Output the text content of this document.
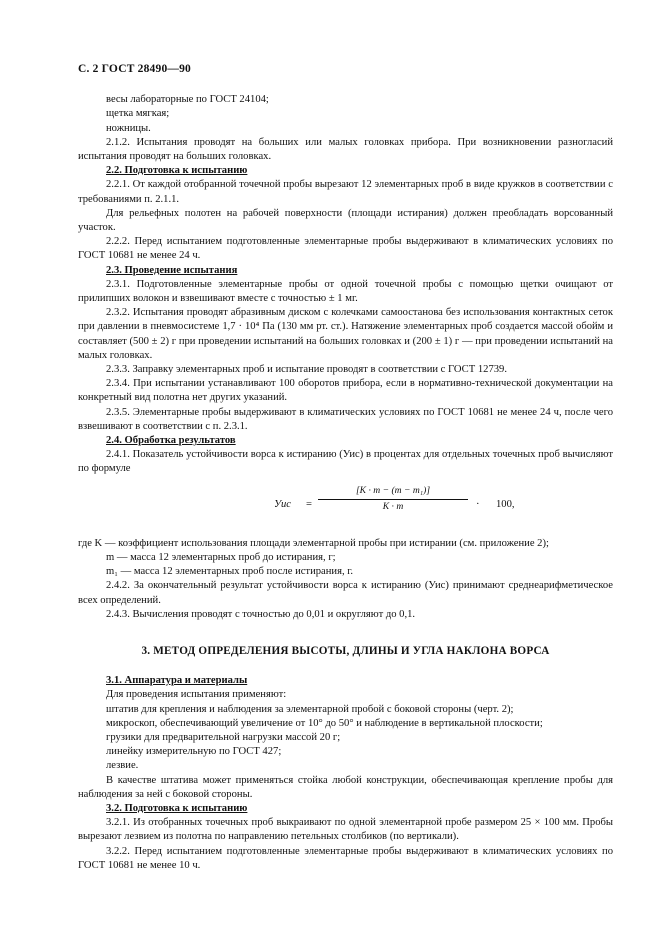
С. 2 ГОСТ 28490—90

весы лабораторные по ГОСТ 24104;

щетка мягкая;

ножницы.

2.1.2. Испытания проводят на больших или малых головках прибора. При возникновении разногласий испытания проводят на больших головках.

2.2. Подготовка к испытанию

2.2.1. От каждой отобранной точечной пробы вырезают 12 элементарных проб в виде кружков в соответствии с требованиями п. 2.1.1.

Для рельефных полотен на рабочей поверхности (площади истирания) должен преобладать ворсованный участок.

2.2.2. Перед испытанием подготовленные элементарные пробы выдерживают в климатических условиях по ГОСТ 10681 не менее 24 ч.

2.3. Проведение испытания

2.3.1. Подготовленные элементарные пробы от одной точечной пробы с помощью щетки очищают от прилипших волокон и взвешивают вместе с точностью ± 1 мг.

2.3.2. Испытания проводят абразивным диском с колечками самоостанова без использования контактных сеток при давлении в пневмосистеме 1,7 · 10⁴ Па (130 мм рт. ст.). Натяжение элементарных проб создается массой обойм и составляет (500 ± 2) г при проведении испытаний на больших головках и (200 ± 1) г — при проведении испытаний на малых головках.

2.3.3. Заправку элементарных проб и испытание проводят в соответствии с ГОСТ 12739.

2.3.4. При испытании устанавливают 100 оборотов прибора, если в нормативно-технической документации на конкретный вид полотна нет других указаний.

2.3.5. Элементарные пробы выдерживают в климатических условиях по ГОСТ 10681 не менее 24 ч, после чего взвешивают в соответствии с п. 2.3.1.

2.4. Обработка результатов

2.4.1. Показатель устойчивости ворса к истиранию (Уис) в процентах для отдельных точечных проб вычисляют по формуле

Уис =
[K · m − (m − m₁)]
K · m	· 100,

где K — коэффициент использования площади элементарной пробы при истирании (см. приложение 2);

m — масса 12 элементарных проб до истирания, г;

m₁ — масса 12 элементарных проб после истирания, г.

2.4.2. За окончательный результат устойчивости ворса к истиранию (Уис) принимают среднеарифметическое всех определений.

2.4.3. Вычисления проводят с точностью до 0,01 и округляют до 0,1.

3. МЕТОД ОПРЕДЕЛЕНИЯ ВЫСОТЫ, ДЛИНЫ И УГЛА НАКЛОНА ВОРСА

3.1. Аппаратура и материалы

Для проведения испытания применяют:

штатив для крепления и наблюдения за элементарной пробой с боковой стороны (черт. 2);

микроскоп, обеспечивающий увеличение от 10° до 50° и наблюдение в вертикальной плоскости;

грузики для предварительной нагрузки массой 20 г;

линейку измерительную по ГОСТ 427;

лезвие.

В качестве штатива может применяться стойка любой конструкции, обеспечивающая крепление пробы для наблюдения за ней с боковой стороны.

3.2. Подготовка к испытанию

3.2.1. Из отобранных точечных проб выкраивают по одной элементарной пробе размером 25 × 100 мм. Пробы вырезают лезвием из полотна по направлению петельных столбиков (по вертикали).

3.2.2. Перед испытанием подготовленные элементарные пробы выдерживают в климатических условиях по ГОСТ 10681 не менее 10 ч.
